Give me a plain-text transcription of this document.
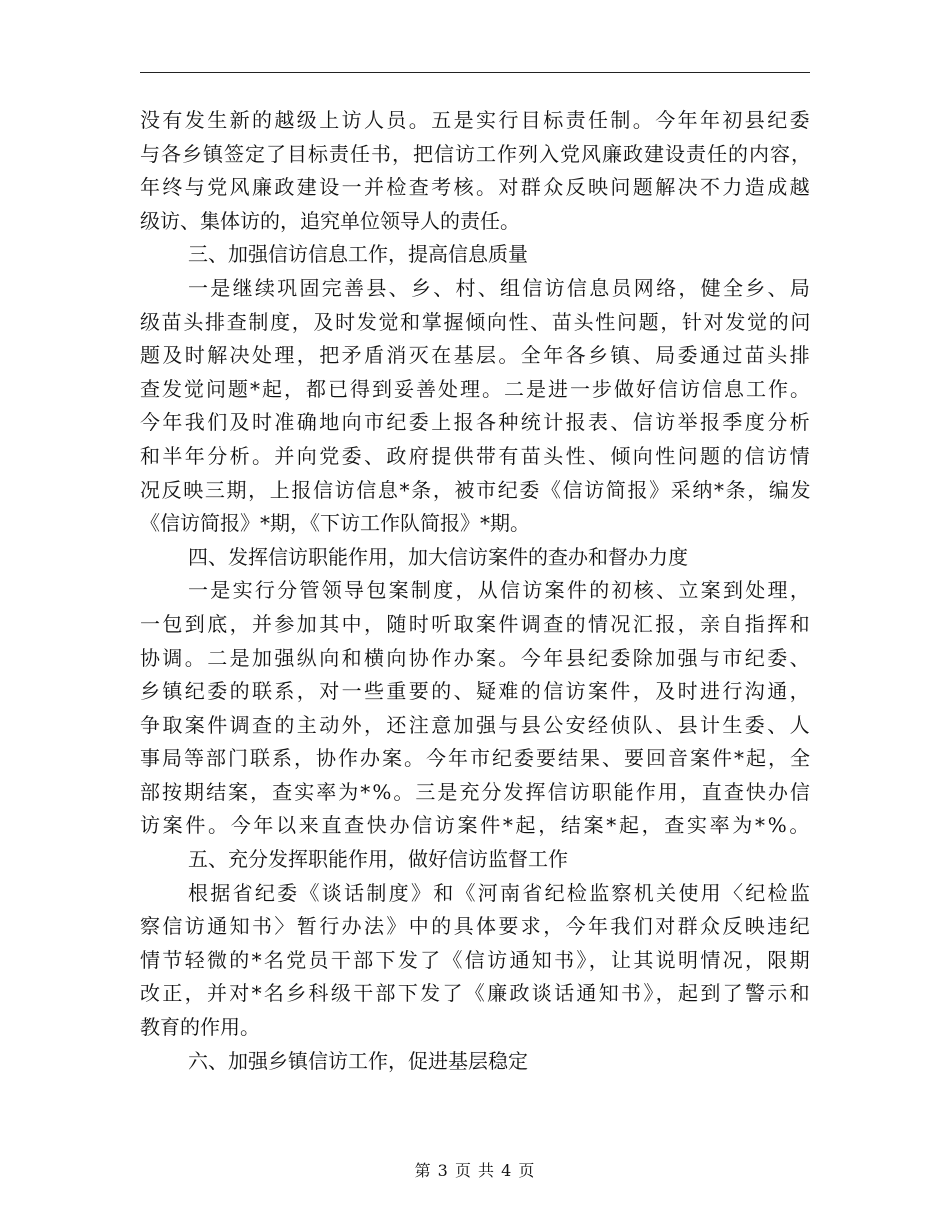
没有发生新的越级上访人员。五是实行目标责任制。今年年初县纪委
与各乡镇签定了目标责任书，把信访工作列入党风廉政建设责任的内容，
年终与党风廉政建设一并检查考核。对群众反映问题解决不力造成越
级访、集体访的，追究单位领导人的责任。
三、加强信访信息工作，提高信息质量
一是继续巩固完善县、乡、村、组信访信息员网络，健全乡、局
级苗头排查制度，及时发觉和掌握倾向性、苗头性问题，针对发觉的问
题及时解决处理，把矛盾消灭在基层。全年各乡镇、局委通过苗头排
查发觉问题*起，都已得到妥善处理。二是进一步做好信访信息工作。
今年我们及时准确地向市纪委上报各种统计报表、信访举报季度分析
和半年分析。并向党委、政府提供带有苗头性、倾向性问题的信访情
况反映三期，上报信访信息*条，被市纪委《信访简报》采纳*条，编发
《信访简报》*期，《下访工作队简报》*期。
四、发挥信访职能作用，加大信访案件的查办和督办力度
一是实行分管领导包案制度，从信访案件的初核、立案到处理，
一包到底，并参加其中，随时听取案件调查的情况汇报，亲自指挥和
协调。二是加强纵向和横向协作办案。今年县纪委除加强与市纪委、
乡镇纪委的联系，对一些重要的、疑难的信访案件，及时进行沟通，
争取案件调查的主动外，还注意加强与县公安经侦队、县计生委、人
事局等部门联系，协作办案。今年市纪委要结果、要回音案件*起，全
部按期结案，查实率为*%。三是充分发挥信访职能作用，直查快办信
访案件。今年以来直查快办信访案件*起，结案*起，查实率为*%。
五、充分发挥职能作用，做好信访监督工作
根据省纪委《谈话制度》和《河南省纪检监察机关使用〈纪检监
察信访通知书〉暂行办法》中的具体要求，今年我们对群众反映违纪
情节轻微的*名党员干部下发了《信访通知书》，让其说明情况，限期
改正，并对*名乡科级干部下发了《廉政谈话通知书》，起到了警示和
教育的作用。
六、加强乡镇信访工作，促进基层稳定
第 3 页 共 4 页
